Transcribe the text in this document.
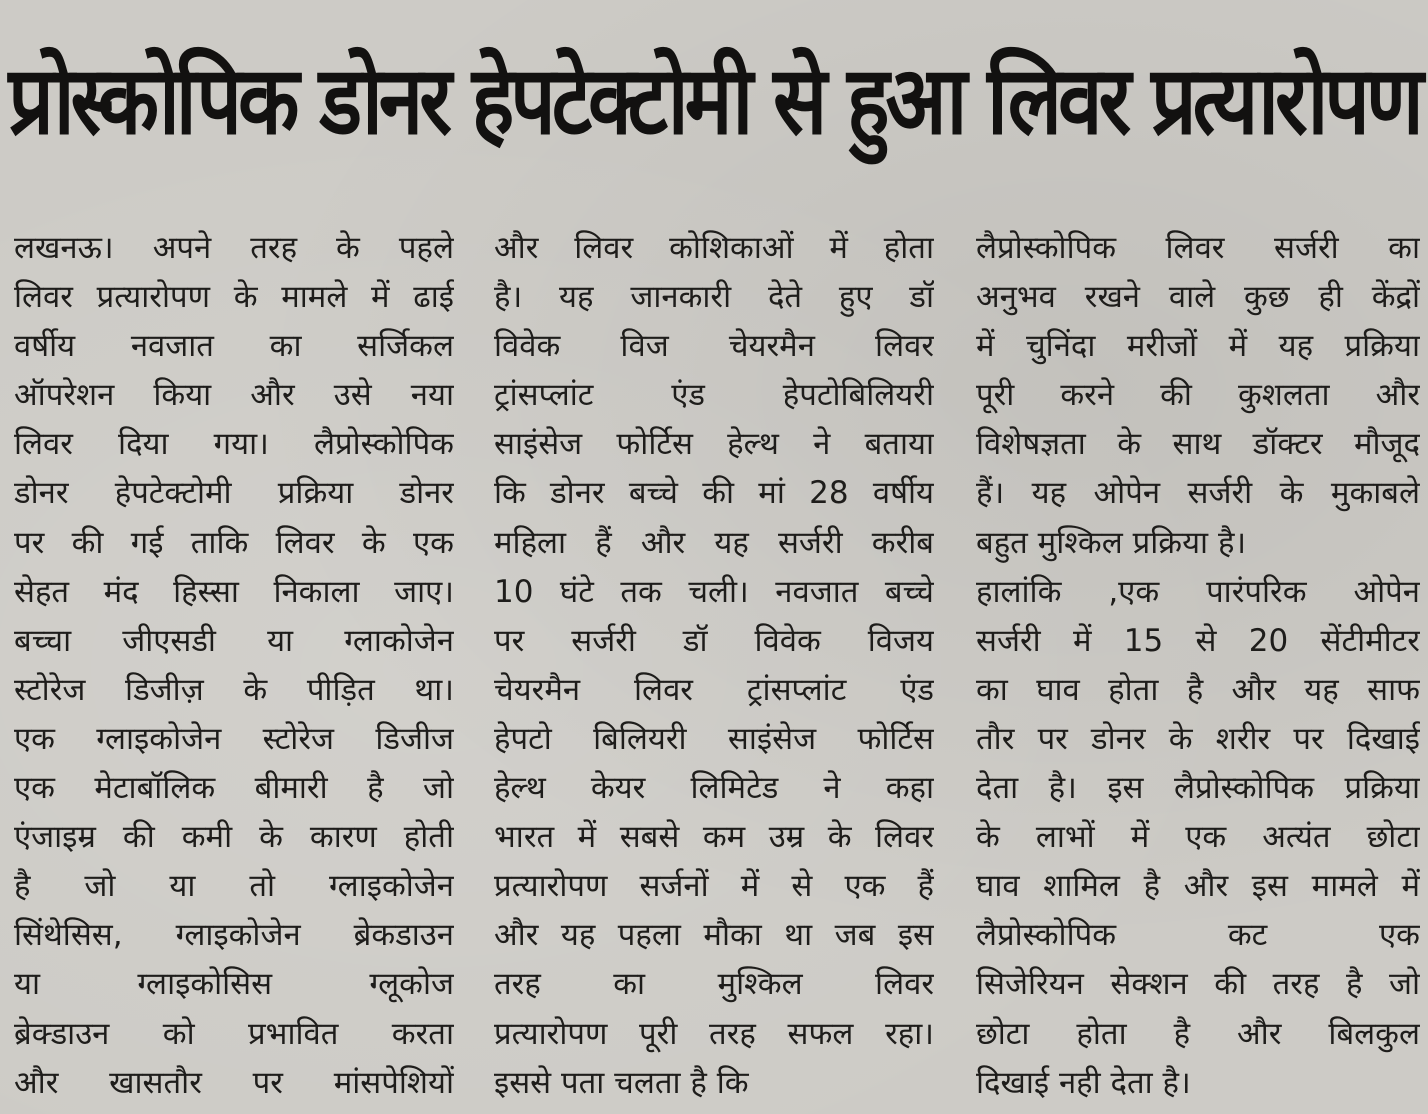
प्रोस्कोपिक डोनर हेपटेक्टोमी से हुआ लिवर प्रत्यारोपण
लखनऊ। अपने तरह के पहले
लिवर प्रत्यारोपण के मामले में ढाई
वर्षीय नवजात का सर्जिकल
ऑपरेशन किया और उसे नया
लिवर दिया गया। लैप्रोस्कोपिक
डोनर हेपटेक्टोमी प्रक्रिया डोनर
पर की गई ताकि लिवर के एक
सेहत मंद हिस्सा निकाला जाए।
बच्चा जीएसडी या ग्लाकोजेन
स्टोरेज डिजीज़ के पीड़ित था।
एक ग्लाइकोजेन स्टोरेज डिजीज
एक मेटाबॉलिक बीमारी है जो
एंजाइम्र की कमी के कारण होती
है जो या तो ग्लाइकोजेन
सिंथेसिस, ग्लाइकोजेन ब्रेकडाउन
या ग्लाइकोसिस ग्लूकोज
ब्रेक्डाउन को प्रभावित करता
और खासतौर पर मांसपेशियों
और लिवर कोशिकाओं में होता
है। यह जानकारी देते हुए डॉ
विवेक विज चेयरमैन लिवर
ट्रांसप्लांट एंड हेपटोबिलियरी
साइंसेज फोर्टिस हेल्थ ने बताया
कि डोनर बच्चे की मां 28 वर्षीय
महिला हैं और यह सर्जरी करीब
10 घंटे तक चली। नवजात बच्चे
पर सर्जरी डॉ विवेक विजय
चेयरमैन लिवर ट्रांसप्लांट एंड
हेपटो बिलियरी साइंसेज फोर्टिस
हेल्थ केयर लिमिटेड ने कहा
भारत में सबसे कम उम्र के लिवर
प्रत्यारोपण सर्जनों में से एक हैं
और यह पहला मौका था जब इस
तरह का मुश्किल लिवर
प्रत्यारोपण पूरी तरह सफल रहा।
इससे पता चलता है कि
लैप्रोस्कोपिक लिवर सर्जरी का
अनुभव रखने वाले कुछ ही केंद्रों
में चुनिंदा मरीजों में यह प्रक्रिया
पूरी करने की कुशलता और
विशेषज्ञता के साथ डॉक्टर मौजूद
हैं। यह ओपेन सर्जरी के मुकाबले
बहुत मुश्किल प्रक्रिया है।
हालांकि ,एक पारंपरिक ओपेन
सर्जरी में 15 से 20 सेंटीमीटर
का घाव होता है और यह साफ
तौर पर डोनर के शरीर पर दिखाई
देता है। इस लैप्रोस्कोपिक प्रक्रिया
के लाभों में एक अत्यंत छोटा
घाव शामिल है और इस मामले में
लैप्रोस्कोपिक कट एक
सिजेरियन सेक्शन की तरह है जो
छोटा होता है और बिलकुल
दिखाई नही देता है।
